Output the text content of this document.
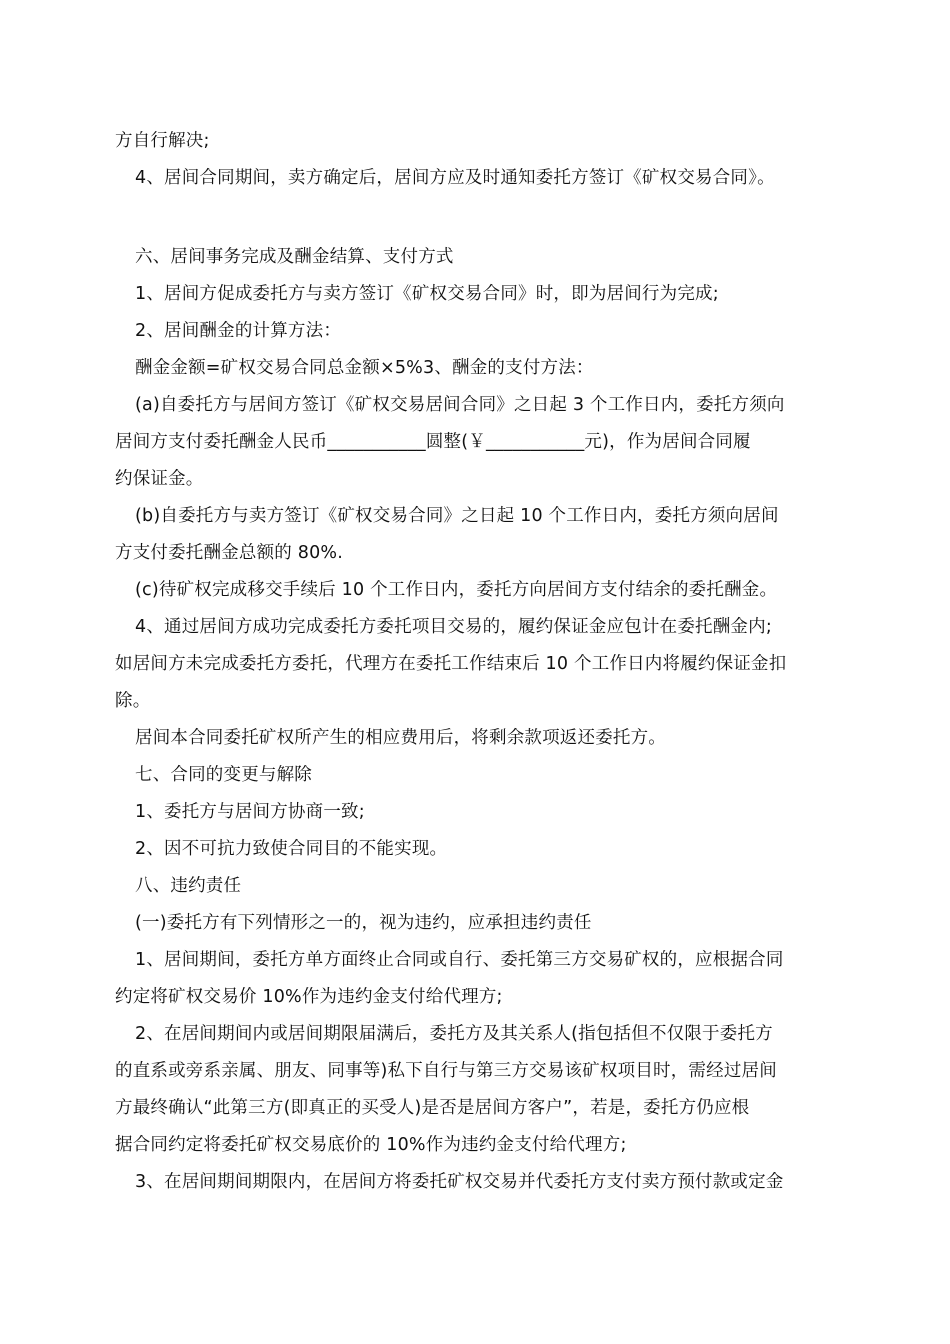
方自行解决;
4、居间合同期间，卖方确定后，居间方应及时通知委托方签订《矿权交易合同》。
六、居间事务完成及酬金结算、支付方式
1、居间方促成委托方与卖方签订《矿权交易合同》时，即为居间行为完成;
2、居间酬金的计算方法：
酬金金额=矿权交易合同总金额×5%3、酬金的支付方法：
(a)自委托方与居间方签订《矿权交易居间合同》之日起 3 个工作日内，委托方须向
居间方支付委托酬金人民币___________圆整(￥___________元)，作为居间合同履
约保证金。
(b)自委托方与卖方签订《矿权交易合同》之日起 10 个工作日内，委托方须向居间
方支付委托酬金总额的 80%.
(c)待矿权完成移交手续后 10 个工作日内，委托方向居间方支付结余的委托酬金。
4、通过居间方成功完成委托方委托项目交易的，履约保证金应包计在委托酬金内;
如居间方未完成委托方委托，代理方在委托工作结束后 10 个工作日内将履约保证金扣
除。
居间本合同委托矿权所产生的相应费用后，将剩余款项返还委托方。
七、合同的变更与解除
1、委托方与居间方协商一致;
2、因不可抗力致使合同目的不能实现。
八、违约责任
(一)委托方有下列情形之一的，视为违约，应承担违约责任
1、居间期间，委托方单方面终止合同或自行、委托第三方交易矿权的，应根据合同
约定将矿权交易价 10%作为违约金支付给代理方;
2、在居间期间内或居间期限届满后，委托方及其关系人(指包括但不仅限于委托方
的直系或旁系亲属、朋友、同事等)私下自行与第三方交易该矿权项目时，需经过居间
方最终确认“此第三方(即真正的买受人)是否是居间方客户”，若是，委托方仍应根
据合同约定将委托矿权交易底价的 10%作为违约金支付给代理方;
3、在居间期间期限内，在居间方将委托矿权交易并代委托方支付卖方预付款或定金
